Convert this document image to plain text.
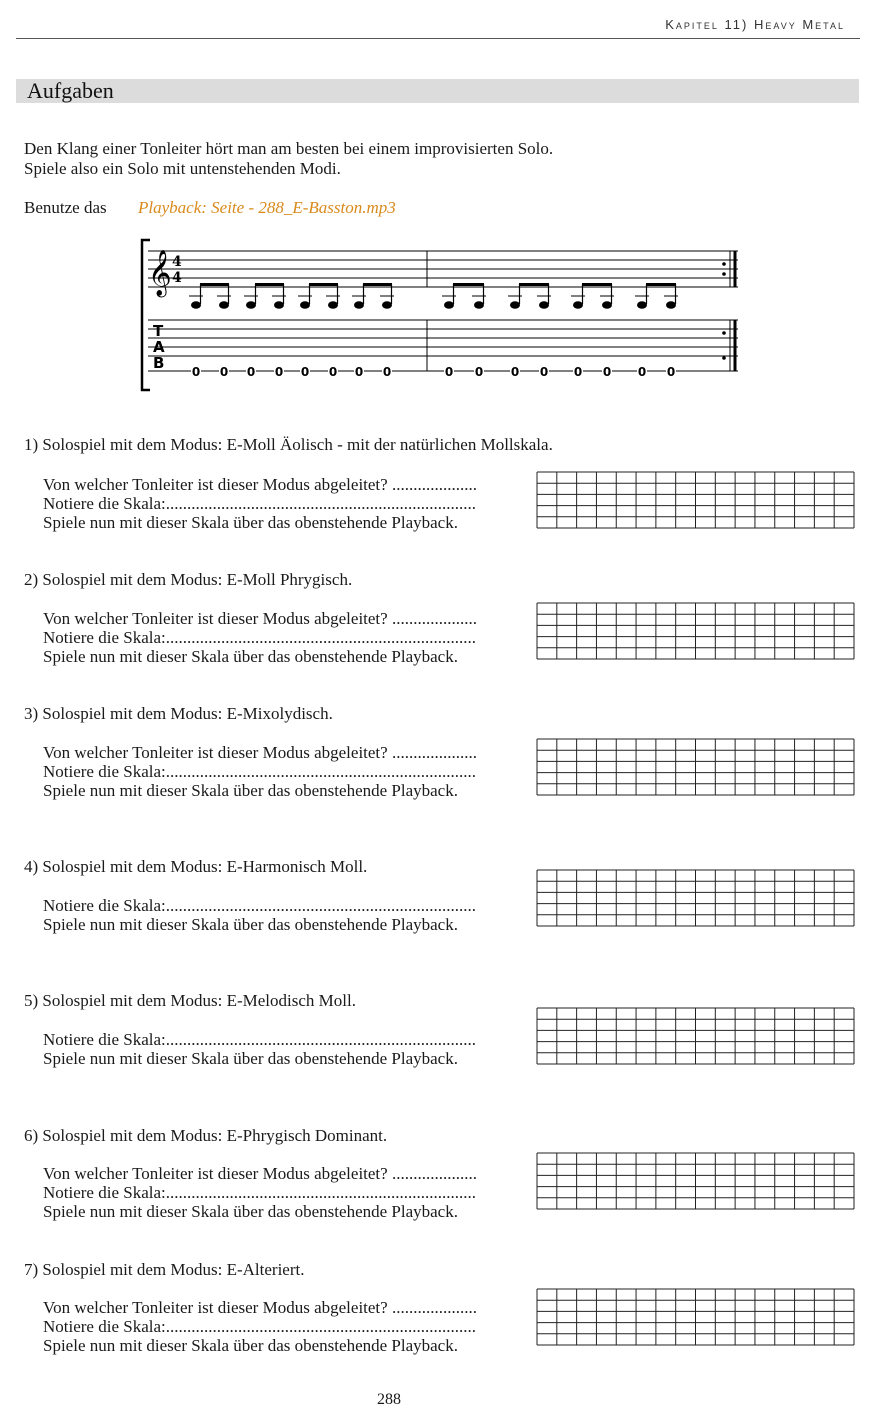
Kapitel 11) Heavy Metal
Aufgaben
Den Klang einer Tonleiter hört man am besten bei einem improvisierten Solo.
Spiele also ein Solo mit untenstehenden Modi.
Benutze das Playback: Seite - 288_E-Basston.mp3
𝄞 4
4
T
A
B 0 0 0 0 0 0 0 0	0 0 0 0 0 0 0 0
1) Solospiel mit dem Modus: E-Moll Äolisch - mit der natürlichen Mollskala.
Von welcher Tonleiter ist dieser Modus abgeleitet? ....................
Notiere die Skala:.........................................................................
Spiele nun mit dieser Skala über das obenstehende Playback.
2) Solospiel mit dem Modus: E-Moll Phrygisch.
Von welcher Tonleiter ist dieser Modus abgeleitet? ....................
Notiere die Skala:.........................................................................
Spiele nun mit dieser Skala über das obenstehende Playback.
3) Solospiel mit dem Modus: E-Mixolydisch.
Von welcher Tonleiter ist dieser Modus abgeleitet? ....................
Notiere die Skala:.........................................................................
Spiele nun mit dieser Skala über das obenstehende Playback.
4) Solospiel mit dem Modus: E-Harmonisch Moll.
Notiere die Skala:.........................................................................
Spiele nun mit dieser Skala über das obenstehende Playback.
5) Solospiel mit dem Modus: E-Melodisch Moll.
Notiere die Skala:.........................................................................
Spiele nun mit dieser Skala über das obenstehende Playback.
6) Solospiel mit dem Modus: E-Phrygisch Dominant.
Von welcher Tonleiter ist dieser Modus abgeleitet? ....................
Notiere die Skala:.........................................................................
Spiele nun mit dieser Skala über das obenstehende Playback.
7) Solospiel mit dem Modus: E-Alteriert.
Von welcher Tonleiter ist dieser Modus abgeleitet? ....................
Notiere die Skala:.........................................................................
Spiele nun mit dieser Skala über das obenstehende Playback.
288
